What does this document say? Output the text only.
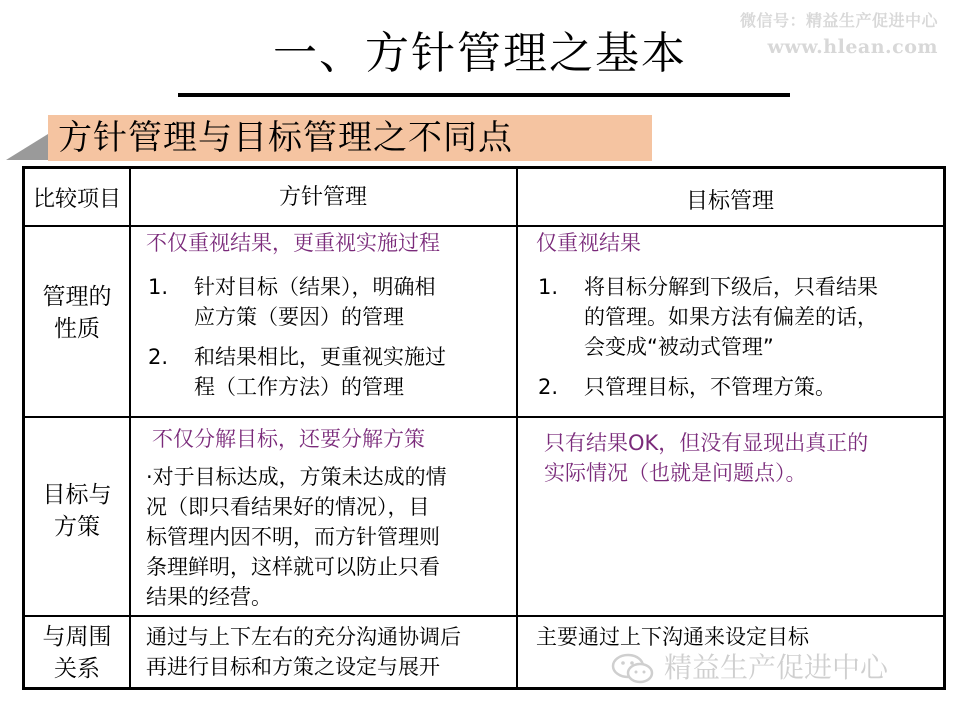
微信号：精益生产促进中心
www.hlean.com
一、方针管理之基本
方针管理与目标管理之不同点
比较项目	方针管理	目标管理
管理的
性质
不仅重视结果，更重视实施过程
1. 针对目标（结果），明确相
应方策（要因）的管理
2. 和结果相比，更重视实施过
程（工作方法）的管理
仅重视结果
1. 将目标分解到下级后，只看结果
的管理。如果方法有偏差的话，
会变成“被动式管理”
2. 只管理目标，不管理方策。
目标与
方策
不仅分解目标，还要分解方策
·对于目标达成，方策未达成的情
况（即只看结果好的情况），目
标管理内因不明，而方针管理则
条理鲜明，这样就可以防止只看
结果的经营。
只有结果OK，但没有显现出真正的
实际情况（也就是问题点）。
与周围
关系
通过与上下左右的充分沟通协调后
再进行目标和方策之设定与展开
主要通过上下沟通来设定目标
精益生产促进中心
